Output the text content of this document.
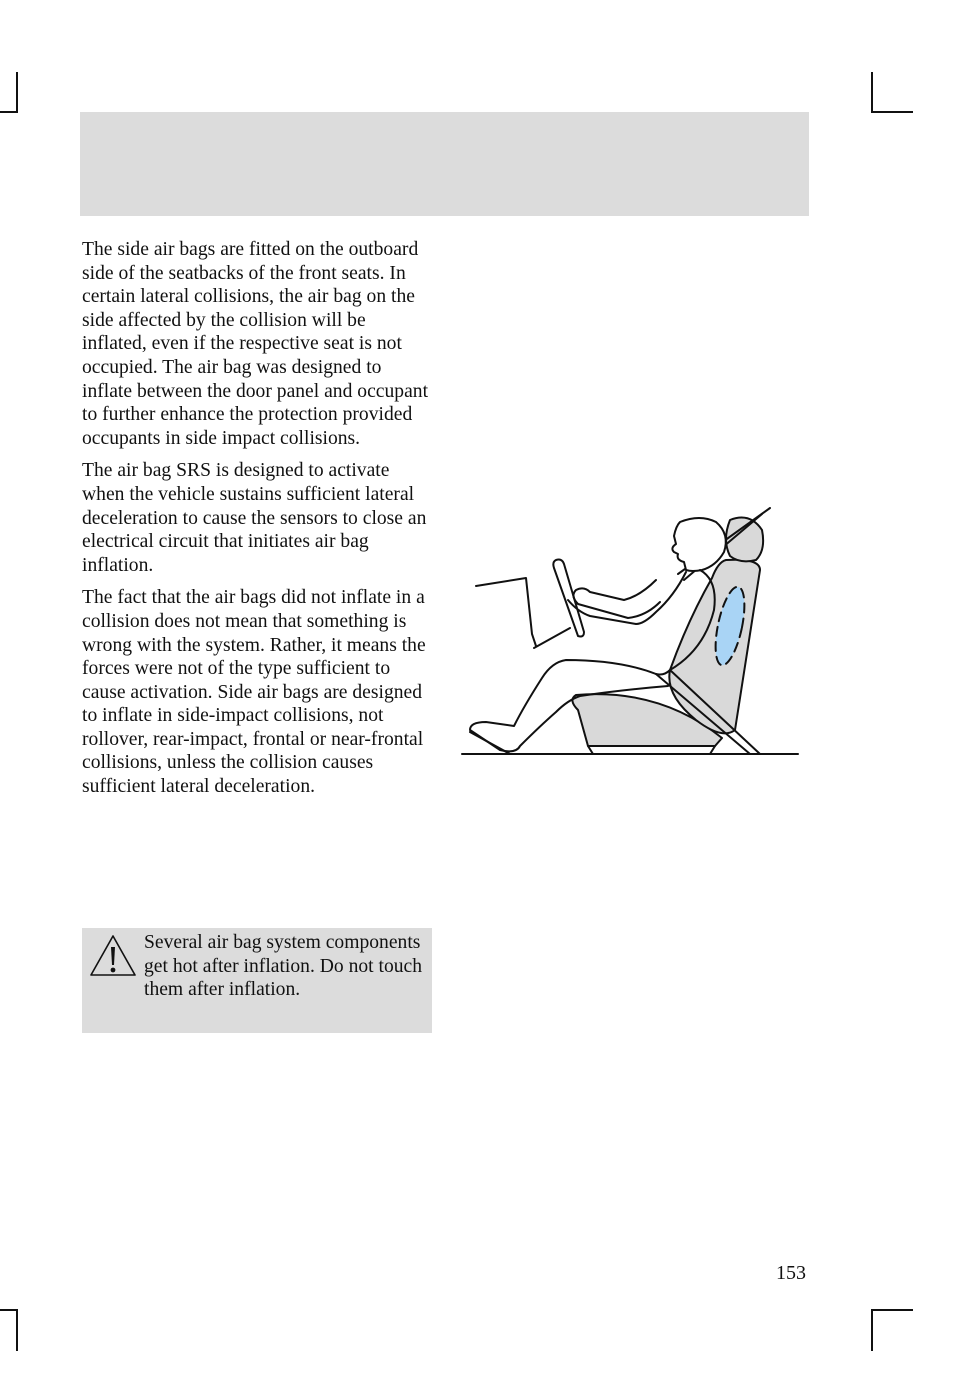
The side air bags are fitted on the outboard side of the seatbacks of the front seats. In certain lateral collisions, the air bag on the side affected by the collision will be inflated, even if the respective seat is not occupied. The air bag was designed to inflate between the door panel and occupant to further enhance the protection provided occupants in side impact collisions.

The air bag SRS is designed to activate when the vehicle sustains sufficient lateral deceleration to cause the sensors to close an electrical circuit that initiates air bag inflation.

The fact that the air bags did not inflate in a collision does not mean that something is wrong with the system. Rather, it means the forces were not of the type sufficient to cause activation. Side air bags are designed to inflate in side-impact collisions, not rollover, rear-impact, frontal or near-frontal collisions, unless the collision causes sufficient lateral deceleration.

Several air bag system components get hot after inflation. Do not touch them after inflation.
153
